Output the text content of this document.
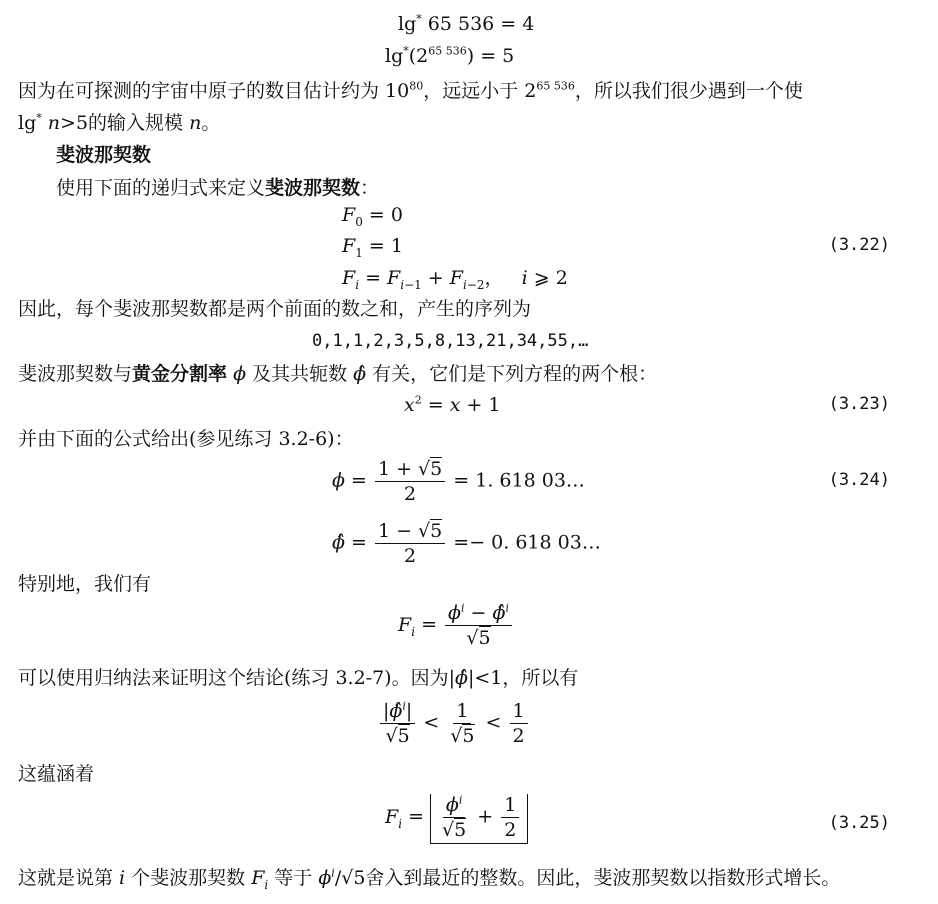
lg* 65 536 = 4
$\lg^*(2^{65 536}) = 5$
因为在可探测的宇宙中原子的数目估计约为 $10^{80}$，远远小于 $2^{65 536}$，所以我们很少遇到一个使
lg* n>5的输入规模 n。
斐波那契数
使用下面的递归式来定义斐波那契数：
$F_0 = 0$
$F_1 = 1$
$F_i = F_{i-1} + F_{i-2}$，   i ⩾ 2
(3.22)
因此，每个斐波那契数都是两个前面的数之和，产生的序列为
0,1,1,2,3,5,8,13,21,34,55,…
斐波那契数与黄金分割率 ϕ 及其共轭数 ϕ̂ 有关，它们是下列方程的两个根：
$x^2 = x + 1$	(3.23)
并由下面的公式给出(参见练习 3.2-6)：
$\phi = \frac{1 + √5}{2} = 1$. 618 03…	(3.24)
ϕ̂ = $\frac{1 - √5}{2} =- 0$. 618 03…
特别地，我们有
$F_i = \frac{\phi^i - \phî^i}{√5}$
可以使用归纳法来证明这个结论(练习 3.2-7)。因为|ϕ̂|<1，所以有
$\frac{|\phî^i|}{√5} < \frac{1}{√5} < \frac{1}{2}$
这蕴涵着
$F_i = \frac{\phi^i}{√5} + \frac{1}{2}$	(3.25)
这就是说第 i 个斐波那契数 $F_i$ 等于 $\phi^i/√5$舍入到最近的整数。因此，斐波那契数以指数形式增长。
